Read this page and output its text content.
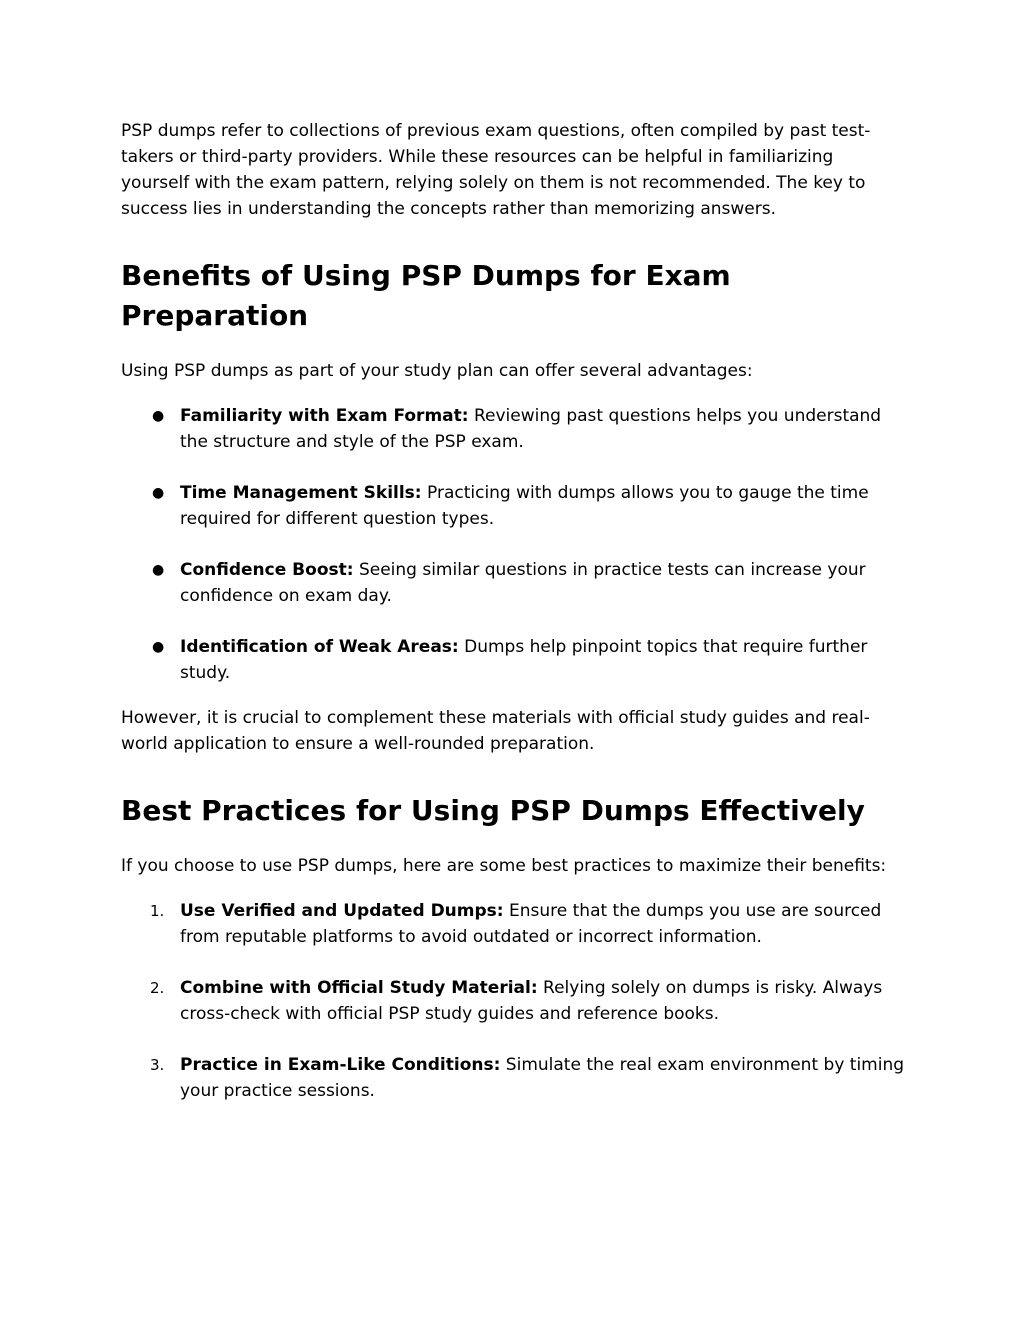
PSP dumps refer to collections of previous exam questions, often compiled by past test-takers or third-party providers. While these resources can be helpful in familiarizing yourself with the exam pattern, relying solely on them is not recommended. The key to success lies in understanding the concepts rather than memorizing answers.

Benefits of Using PSP Dumps for Exam Preparation

Using PSP dumps as part of your study plan can offer several advantages:

● Familiarity with Exam Format: Reviewing past questions helps you understand the structure and style of the PSP exam.
● Time Management Skills: Practicing with dumps allows you to gauge the time required for different question types.
● Confidence Boost: Seeing similar questions in practice tests can increase your confidence on exam day.
● Identification of Weak Areas: Dumps help pinpoint topics that require further study.

However, it is crucial to complement these materials with official study guides and real-world application to ensure a well-rounded preparation.

Best Practices for Using PSP Dumps Effectively

If you choose to use PSP dumps, here are some best practices to maximize their benefits:

1. Use Verified and Updated Dumps: Ensure that the dumps you use are sourced from reputable platforms to avoid outdated or incorrect information.
2. Combine with Official Study Material: Relying solely on dumps is risky. Always cross-check with official PSP study guides and reference books.
3. Practice in Exam-Like Conditions: Simulate the real exam environment by timing your practice sessions.
